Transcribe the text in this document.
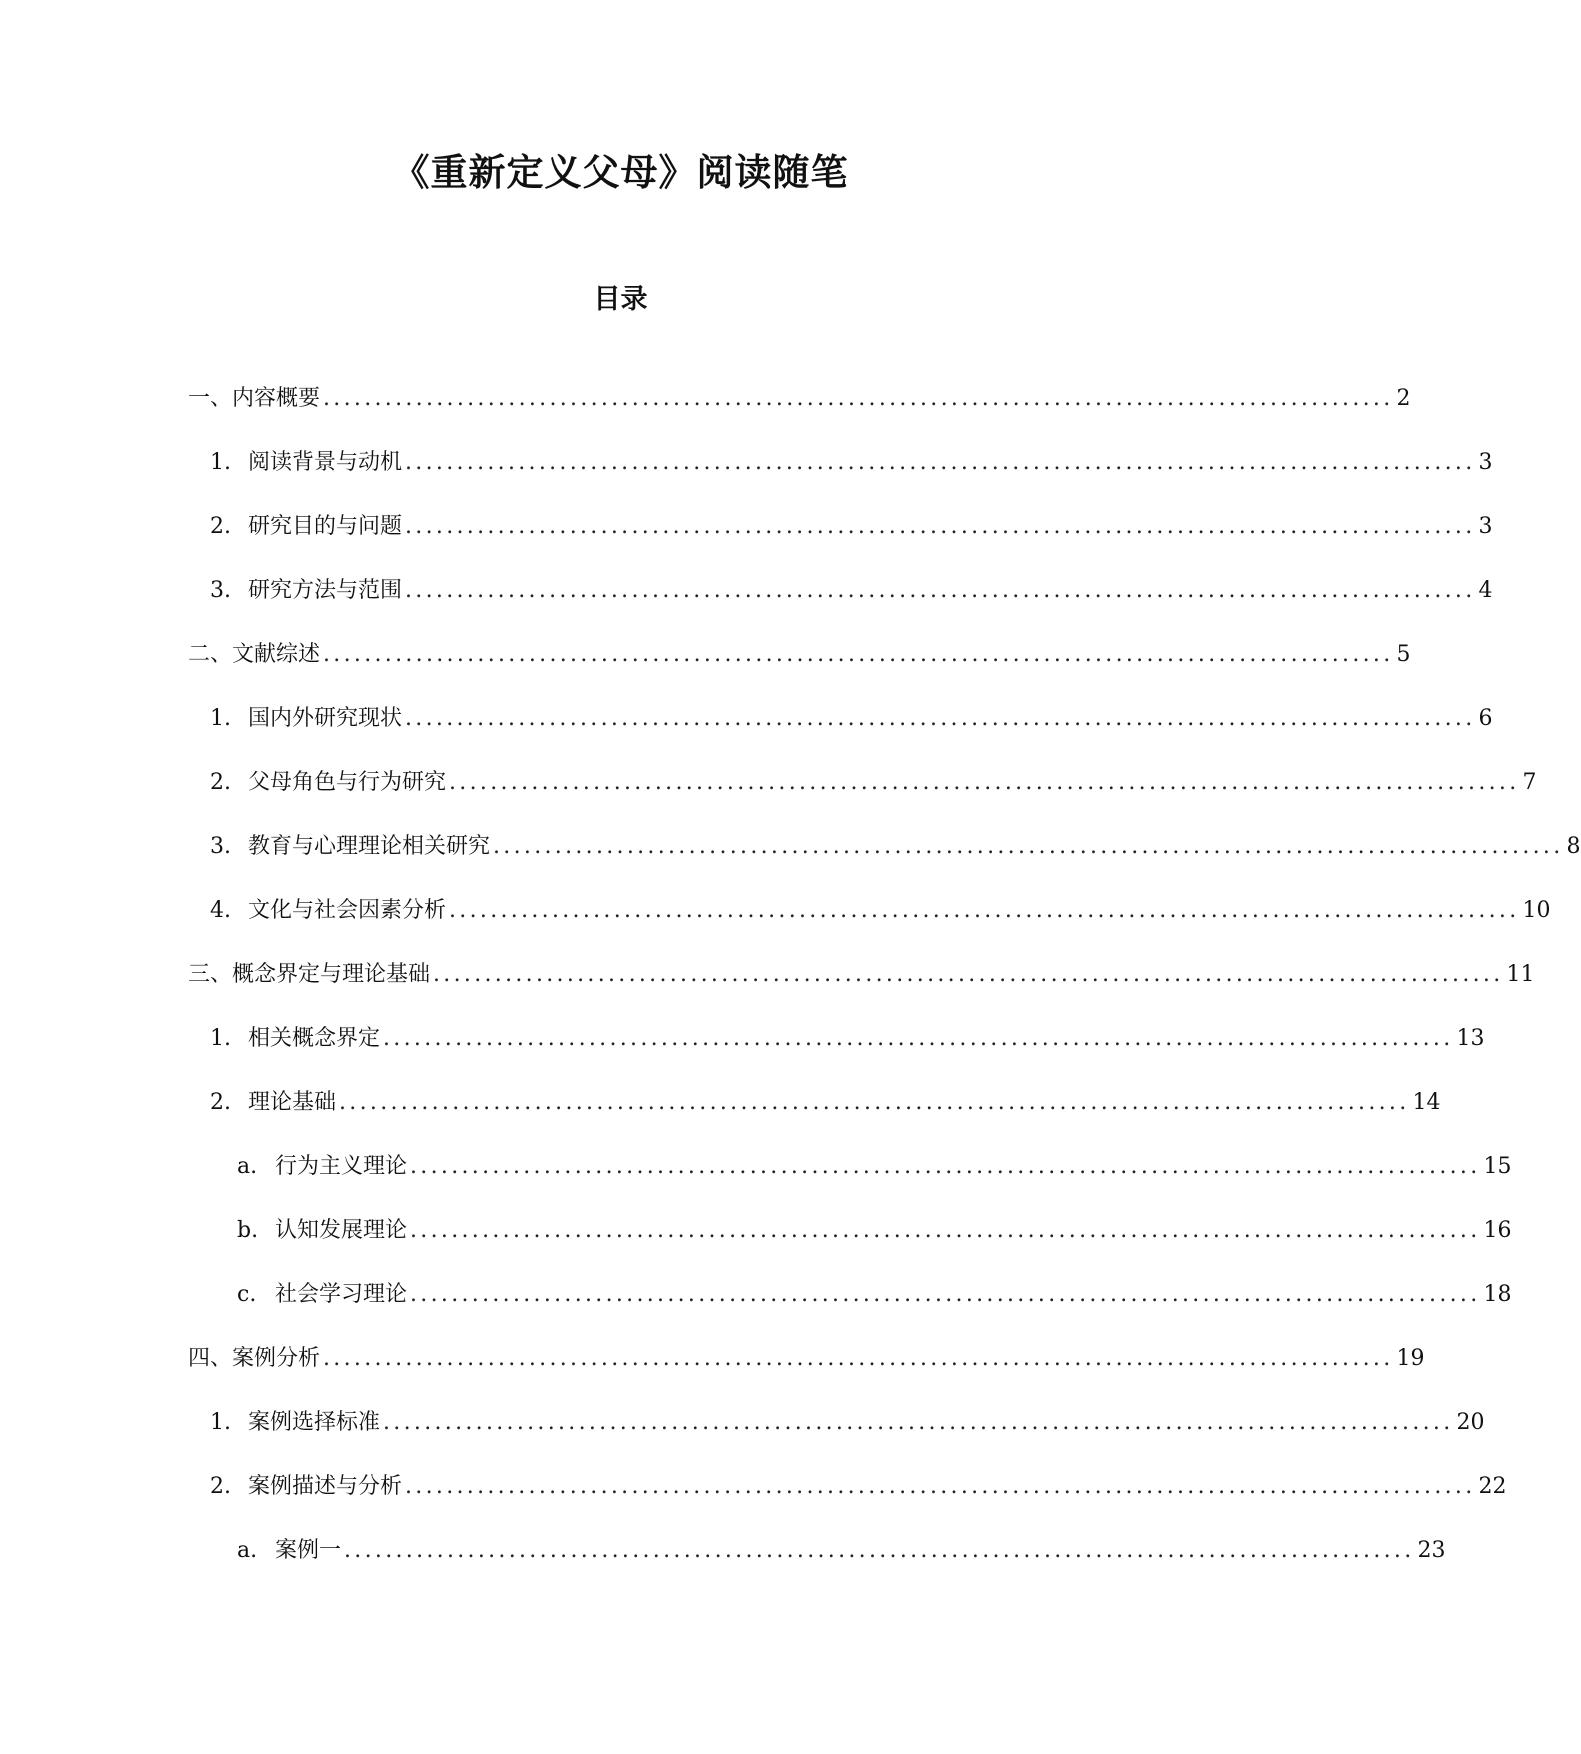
《重新定义父母》阅读随笔
目录
一、内容概要 ........................................................................................................ 2
1. 阅读背景与动机 ........................................................................................................ 3
2. 研究目的与问题 ........................................................................................................ 3
3. 研究方法与范围 ........................................................................................................ 4
二、文献综述 ........................................................................................................ 5
1. 国内外研究现状 ........................................................................................................ 6
2. 父母角色与行为研究 ........................................................................................................ 7
3. 教育与心理理论相关研究 ........................................................................................................ 8
4. 文化与社会因素分析 ........................................................................................................ 10
三、概念界定与理论基础 ........................................................................................................ 11
1. 相关概念界定 ........................................................................................................ 13
2. 理论基础 ........................................................................................................ 14
a. 行为主义理论 ........................................................................................................ 15
b. 认知发展理论 ........................................................................................................ 16
c. 社会学习理论 ........................................................................................................ 18
四、案例分析 ........................................................................................................ 19
1. 案例选择标准 ........................................................................................................ 20
2. 案例描述与分析 ........................................................................................................ 22
a. 案例一 ........................................................................................................ 23
